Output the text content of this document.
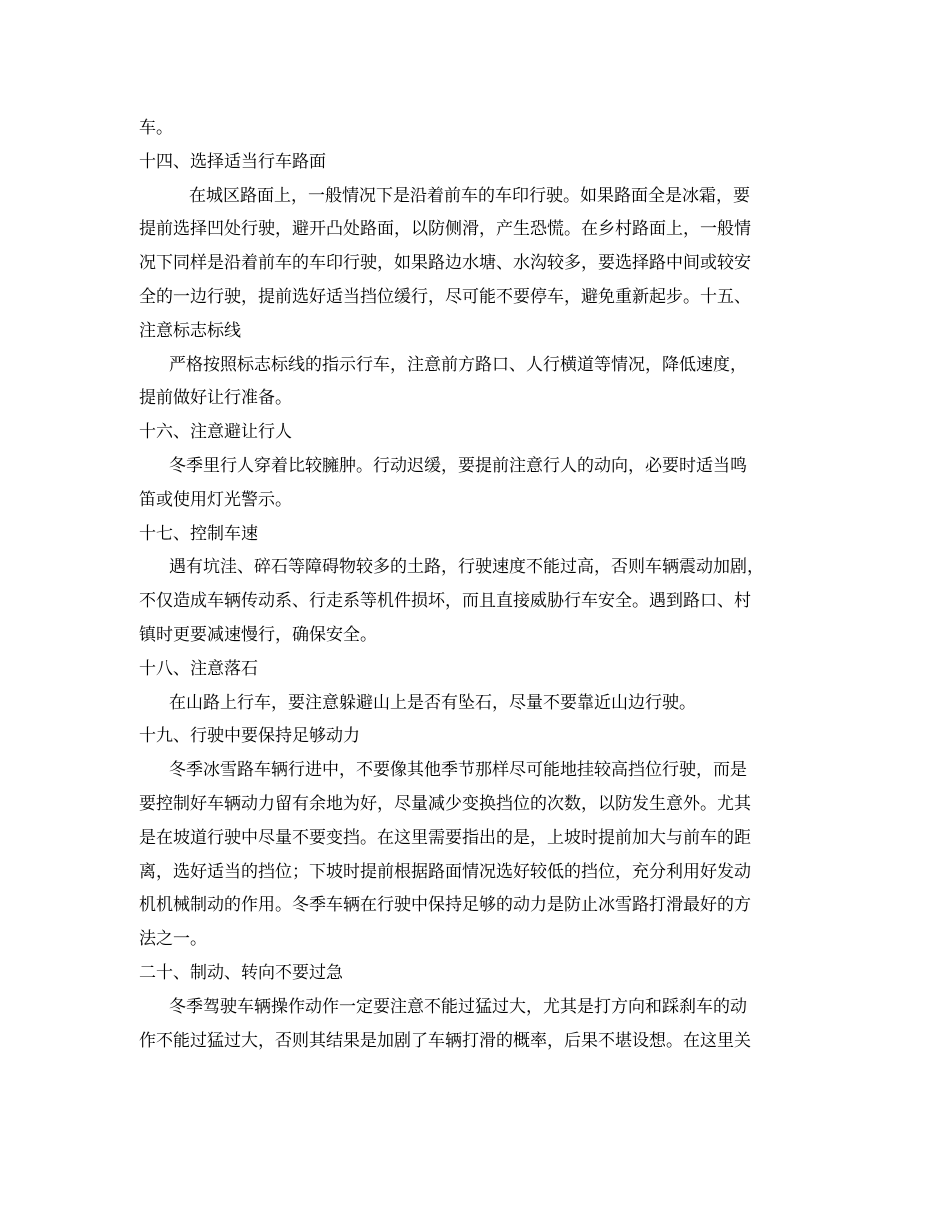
车。
十四、选择适当行车路面
在城区路面上，一般情况下是沿着前车的车印行驶。如果路面全是冰霜，要
提前选择凹处行驶，避开凸处路面，以防侧滑，产生恐慌。在乡村路面上，一般情
况下同样是沿着前车的车印行驶，如果路边水塘、水沟较多，要选择路中间或较安
全的一边行驶，提前选好适当挡位缓行，尽可能不要停车，避免重新起步。十五、
注意标志标线
严格按照标志标线的指示行车，注意前方路口、人行横道等情况，降低速度，
提前做好让行准备。
十六、注意避让行人
冬季里行人穿着比较臃肿。行动迟缓，要提前注意行人的动向，必要时适当鸣
笛或使用灯光警示。
十七、控制车速
遇有坑洼、碎石等障碍物较多的土路，行驶速度不能过高，否则车辆震动加剧，
不仅造成车辆传动系、行走系等机件损坏，而且直接威胁行车安全。遇到路口、村
镇时更要减速慢行，确保安全。
十八、注意落石
在山路上行车，要注意躲避山上是否有坠石，尽量不要靠近山边行驶。
十九、行驶中要保持足够动力
冬季冰雪路车辆行进中，不要像其他季节那样尽可能地挂较高挡位行驶，而是
要控制好车辆动力留有余地为好，尽量减少变换挡位的次数，以防发生意外。尤其
是在坡道行驶中尽量不要变挡。在这里需要指出的是，上坡时提前加大与前车的距
离，选好适当的挡位；下坡时提前根据路面情况选好较低的挡位，充分利用好发动
机机械制动的作用。冬季车辆在行驶中保持足够的动力是防止冰雪路打滑最好的方
法之一。
二十、制动、转向不要过急
冬季驾驶车辆操作动作一定要注意不能过猛过大，尤其是打方向和踩刹车的动
作不能过猛过大，否则其结果是加剧了车辆打滑的概率，后果不堪设想。在这里关
